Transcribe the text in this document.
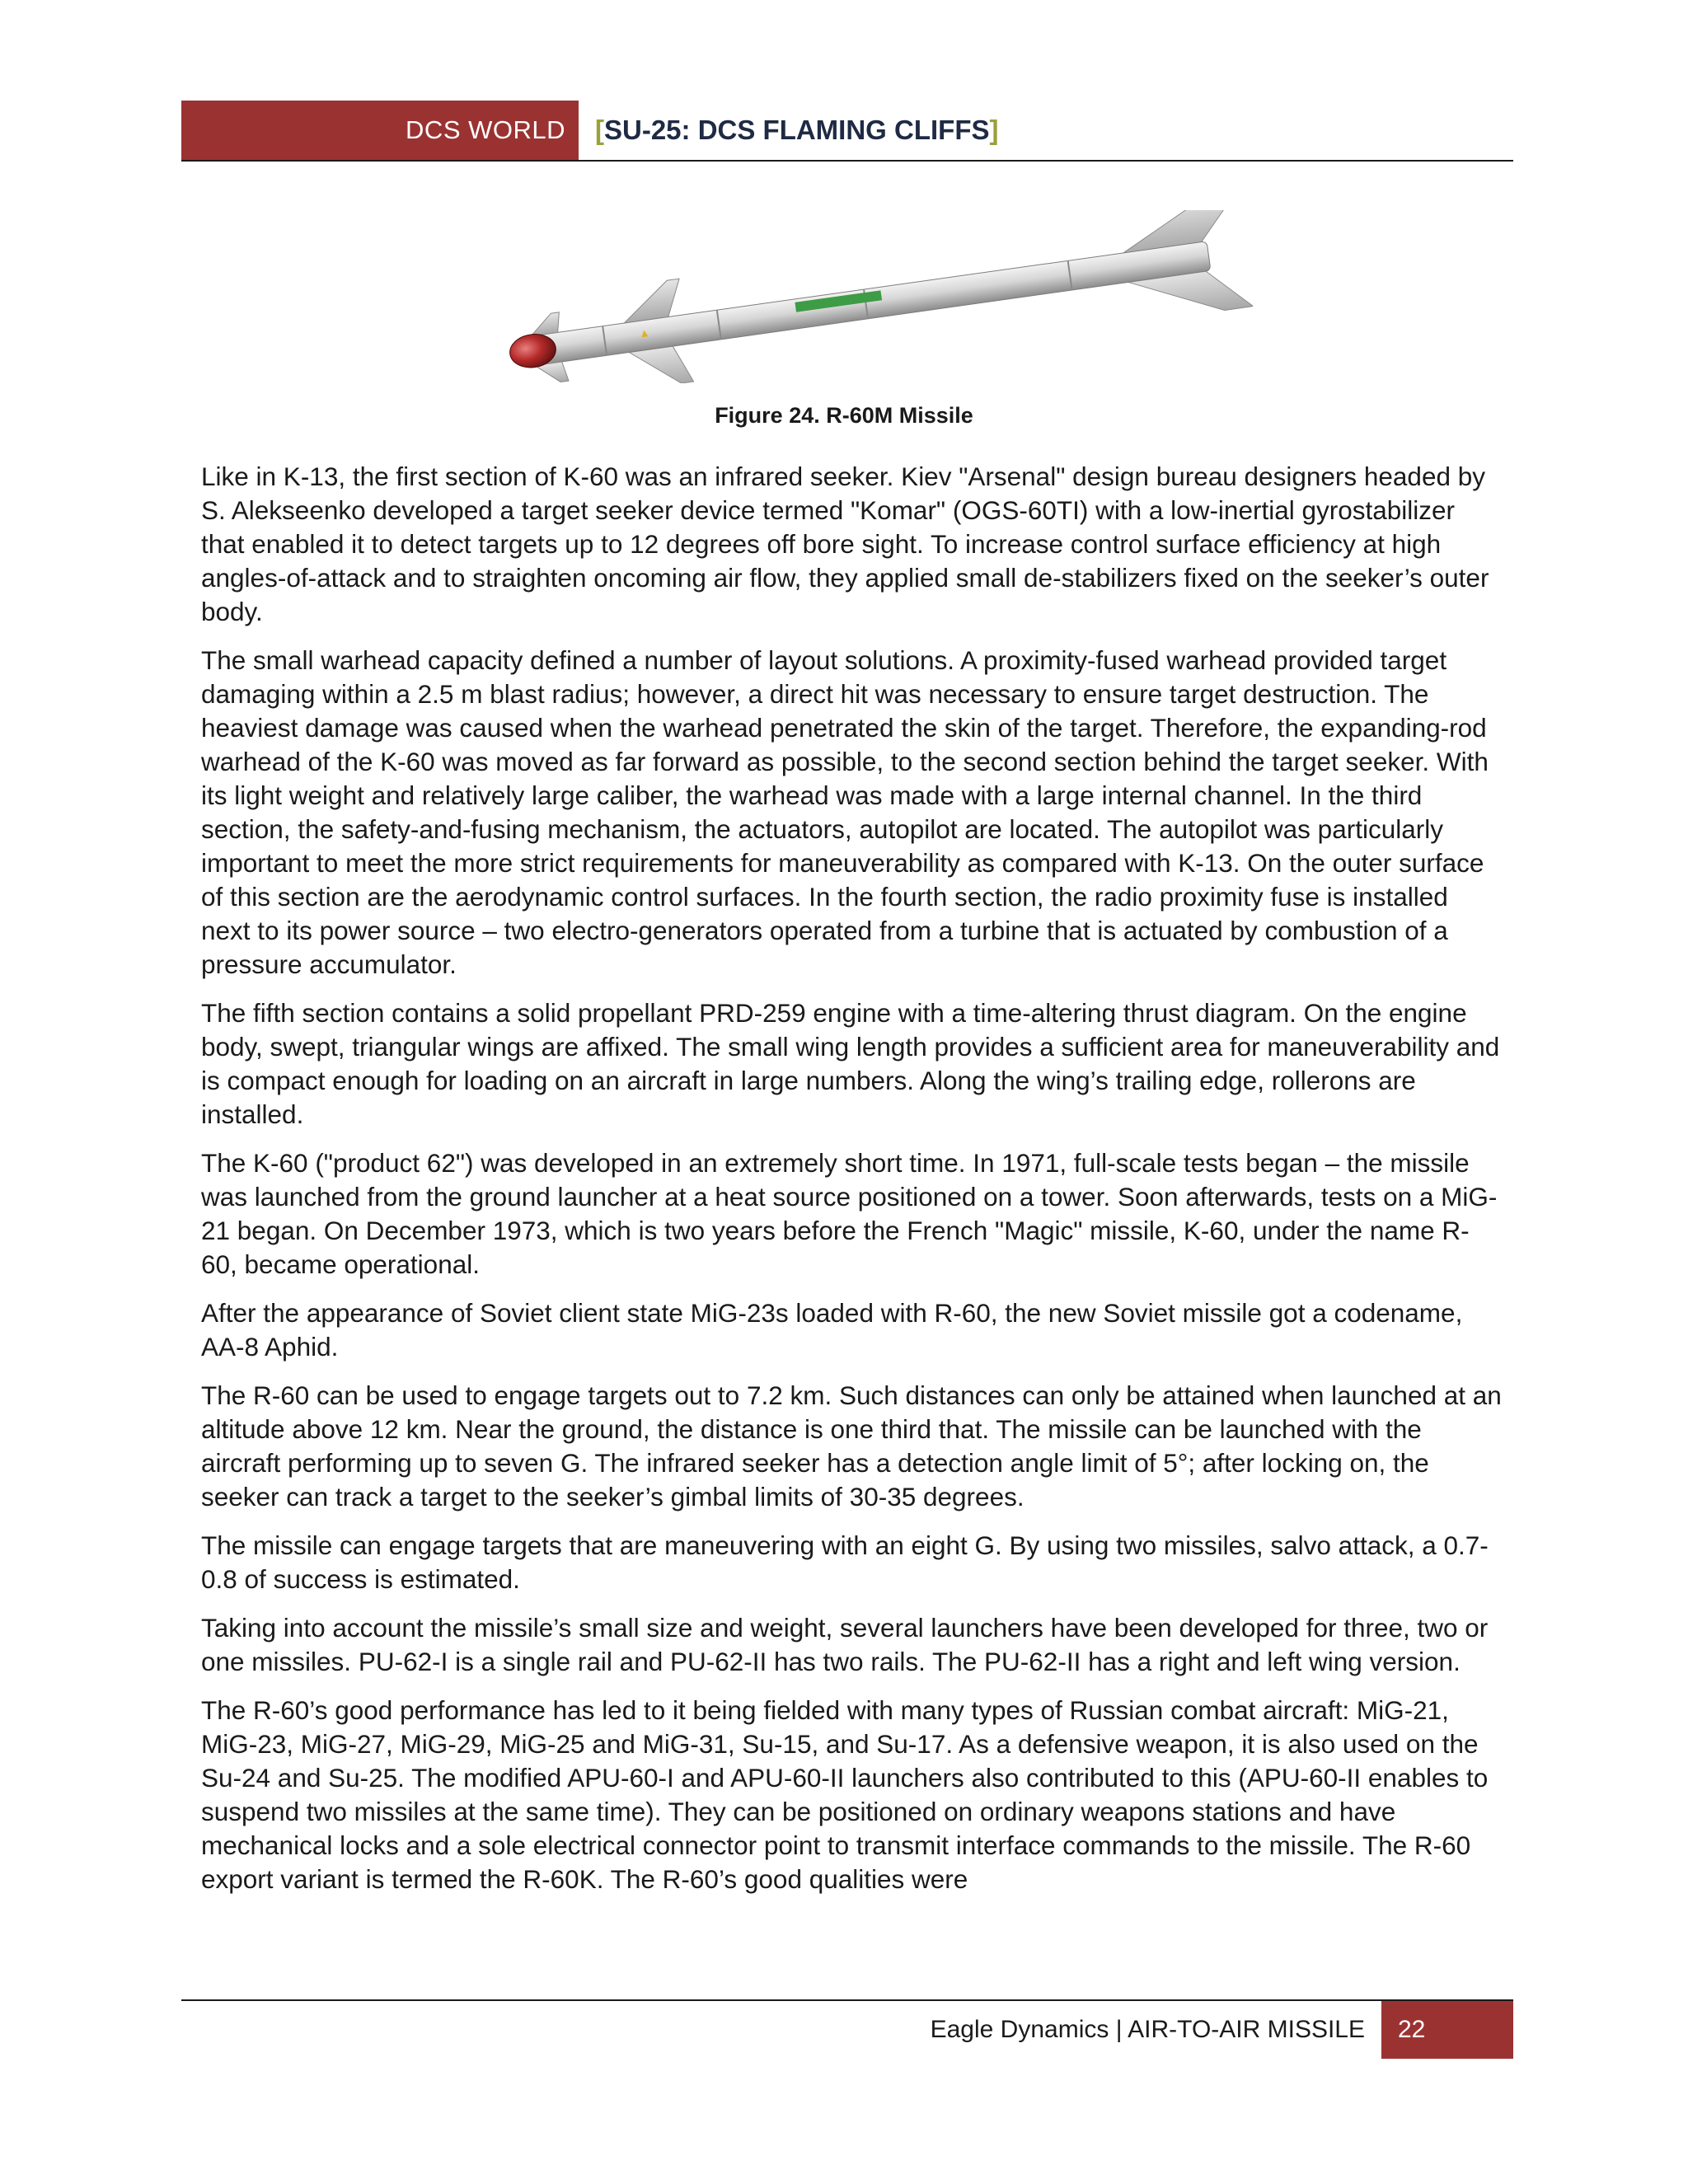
DCS WORLD	[ SU-25: DCS FLAMING CLIFFS ]
Figure 24. R-60M Missile

Like in K-13, the first section of K-60 was an infrared seeker. Kiev "Arsenal" design bureau designers headed by S. Alekseenko developed a target seeker device termed "Komar" (OGS-60TI) with a low-inertial gyrostabilizer that enabled it to detect targets up to 12 degrees off bore sight. To increase control surface efficiency at high angles-of-attack and to straighten oncoming air flow, they applied small de-stabilizers fixed on the seeker’s outer body.

The small warhead capacity defined a number of layout solutions. A proximity-fused warhead provided target damaging within a 2.5 m blast radius; however, a direct hit was necessary to ensure target destruction. The heaviest damage was caused when the warhead penetrated the skin of the target. Therefore, the expanding-rod warhead of the K-60 was moved as far forward as possible, to the second section behind the target seeker. With its light weight and relatively large caliber, the warhead was made with a large internal channel. In the third section, the safety-and-fusing mechanism, the actuators, autopilot are located. The autopilot was particularly important to meet the more strict requirements for maneuverability as compared with K-13. On the outer surface of this section are the aerodynamic control surfaces. In the fourth section, the radio proximity fuse is installed next to its power source – two electro-generators operated from a turbine that is actuated by combustion of a pressure accumulator.

The fifth section contains a solid propellant PRD-259 engine with a time-altering thrust diagram. On the engine body, swept, triangular wings are affixed. The small wing length provides a sufficient area for maneuverability and is compact enough for loading on an aircraft in large numbers. Along the wing’s trailing edge, rollerons are installed.

The K-60 ("product 62") was developed in an extremely short time. In 1971, full-scale tests began – the missile was launched from the ground launcher at a heat source positioned on a tower. Soon afterwards, tests on a MiG-21 began. On December 1973, which is two years before the French "Magic" missile, K-60, under the name R-60, became operational.

After the appearance of Soviet client state MiG-23s loaded with R-60, the new Soviet missile got a codename, AA-8 Aphid.

The R-60 can be used to engage targets out to 7.2 km. Such distances can only be attained when launched at an altitude above 12 km. Near the ground, the distance is one third that. The missile can be launched with the aircraft performing up to seven G. The infrared seeker has a detection angle limit of 5°; after locking on, the seeker can track a target to the seeker’s gimbal limits of 30-35 degrees.

The missile can engage targets that are maneuvering with an eight G. By using two missiles, salvo attack, a 0.7-0.8 of success is estimated.

Taking into account the missile’s small size and weight, several launchers have been developed for three, two or one missiles. PU-62-I is a single rail and PU-62-II has two rails. The PU-62-II has a right and left wing version.

The R-60’s good performance has led to it being fielded with many types of Russian combat aircraft: MiG-21, MiG-23, MiG-27, MiG-29, MiG-25 and MiG-31, Su-15, and Su-17. As a defensive weapon, it is also used on the Su-24 and Su-25. The modified APU-60-I and APU-60-II launchers also contributed to this (APU-60-II enables to suspend two missiles at the same time). They can be positioned on ordinary weapons stations and have mechanical locks and a sole electrical connector point to transmit interface commands to the missile. The R-60 export variant is termed the R-60K. The R-60’s good qualities were

Eagle Dynamics | AIR-TO-AIR MISSILE	22
